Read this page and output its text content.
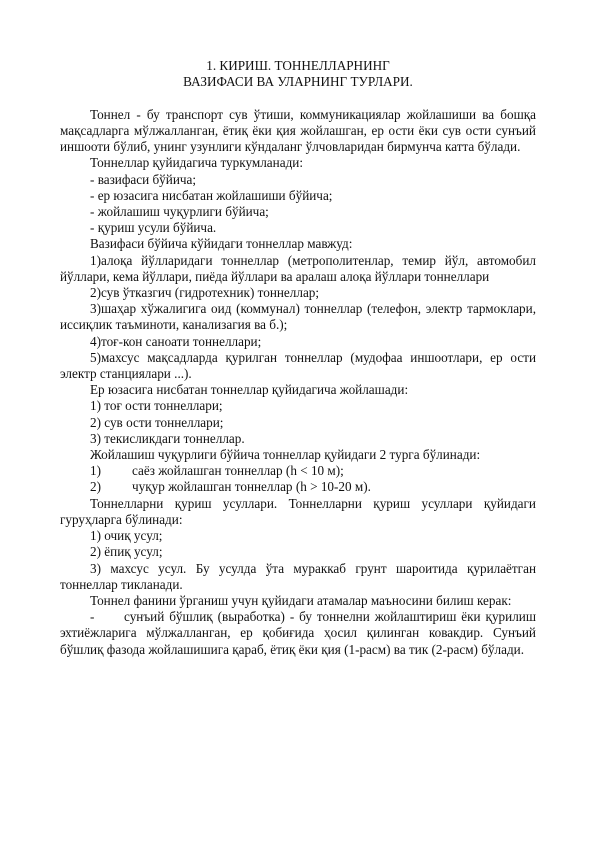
1. КИРИШ. ТОННЕЛЛАРНИНГ

ВАЗИФАСИ ВА УЛАРНИНГ ТУРЛАРИ.

Тоннел - бу транспорт сув ўтиши, коммуникациялар жойлашиши ва бошқа мақсадларга мўлжалланган, ётиқ ёки қия жойлашган, ер ости ёки сув ости сунъий иншооти бўлиб, унинг узунлиги кўндаланг ўлчовларидан бирмунча катта бўлади.

Тоннеллар қуйидагича туркумланади:

- вазифаси бўйича;

- ер юзасига нисбатан жойлашиши бўйича;

- жойлашиш чуқурлиги бўйича;

- қуриш усули бўйича.

Вазифаси бўйича кўйидаги тоннеллар мавжуд:

1)алоқа йўлларидаги тоннеллар (метрополитенлар, темир йўл, автомобил йўллари, кема йўллари, пиёда йўллари ва аралаш алоқа йўллари тоннеллари

2)сув ўтказгич (гидротехник) тоннеллар;

3)шаҳар хўжалигига оид (коммунал) тоннеллар (телефон, электр тармоклари, иссиқлик таъминоти, канализагия ва б.);

4)тоғ-кон саноати тоннеллари;

5)махсус мақсадларда қурилган тоннеллар (мудофаа иншоотлари, ер ости электр станциялари ...).

Ер юзасига нисбатан тоннеллар қуйидагича жойлашади:

1) тоғ ости тоннеллари;

2) сув ости тоннеллари;

3) текисликдаги тоннеллар.

Жойлашиш чуқурлиги бўйича тоннеллар қуйидаги 2 турга бўлинади:

1)	саёз жойлашган тоннеллар (h < 10 м);
2)	чуқур жойлашган тоннеллар (h > 10-20 м).

Тоннелларни қуриш усуллари. Тоннелларни қуриш усуллари қуйидаги гуруҳларга бўлинади:

1) очиқ усул;

2) ёпиқ усул;

3) махсус усул. Бу усулда ўта мураккаб грунт шароитида қурилаётган тоннеллар тикланади.

Тоннел фанини ўрганиш учун қуйидаги атамалар маъносини билиш керак:

-      сунъий бўшлиқ (выработка) - бу тоннелни жойлаштириш ёки қурилиш эхтиёжларига мўлжалланган, ер қобиғида ҳосил қилинган ковакдир. Сунъий бўшлиқ фазода жойлашишига қараб, ётиқ ёки қия (1-расм) ва тик (2-расм) бўлади.
